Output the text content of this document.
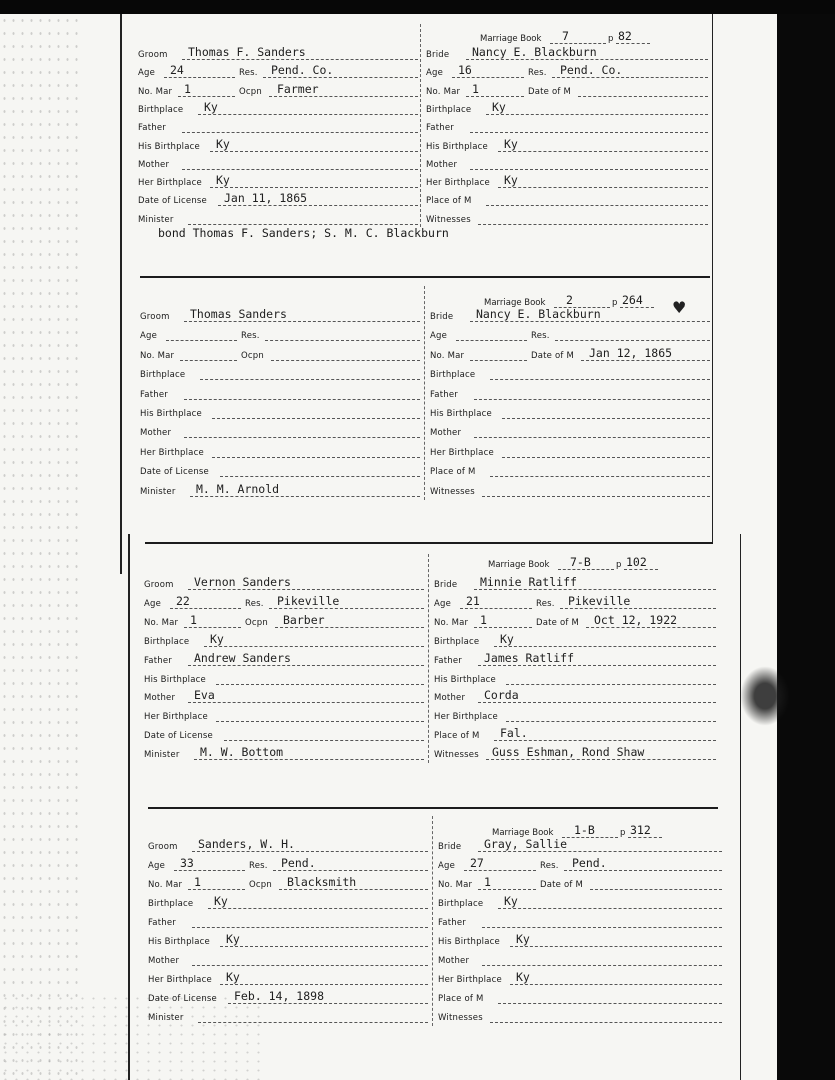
♥
Marriage Book 7	p 82
Groom Thomas F. Sanders
Age 24	Res. Pend. Co.
No. Mar 1	Ocpn Farmer
Birthplace Ky
Father
His Birthplace Ky
Mother
Her Birthplace Ky
Date of License Jan 11, 1865
Minister
Bride Nancy E. Blackburn
Age 16	Res. Pend. Co.
No. Mar 1	Date of M
Birthplace Ky
Father
His Birthplace Ky
Mother
Her Birthplace Ky
Place of M
Witnesses
bond Thomas F. Sanders; S. M. C. Blackburn
Marriage Book 2	p 264
Groom Thomas Sanders
Age	Res.
No. Mar	Ocpn
Birthplace
Father
His Birthplace
Mother
Her Birthplace
Date of License
Minister M. M. Arnold
Bride Nancy E. Blackburn
Age	Res.
No. Mar	Date of M Jan 12, 1865
Birthplace
Father
His Birthplace
Mother
Her Birthplace
Place of M
Witnesses
Marriage Book 7-B	p 102
Groom Vernon Sanders
Age 22	Res. Pikeville
No. Mar 1	Ocpn Barber
Birthplace Ky
Father Andrew Sanders
His Birthplace
Mother Eva
Her Birthplace
Date of License
Minister M. W. Bottom
Bride Minnie Ratliff
Age 21	Res. Pikeville
No. Mar 1	Date of M Oct 12, 1922
Birthplace Ky
Father James Ratliff
His Birthplace
Mother Corda
Her Birthplace
Place of M Fal.
Witnesses Guss Eshman, Rond Shaw
Marriage Book 1-B	p 312
Groom Sanders, W. H.
Age 33	Res. Pend.
No. Mar 1	Ocpn Blacksmith
Birthplace Ky
Father
His Birthplace Ky
Mother
Her Birthplace Ky
Date of License Feb. 14, 1898
Minister
Bride Gray, Sallie
Age 27	Res. Pend.
No. Mar 1	Date of M
Birthplace Ky
Father
His Birthplace Ky
Mother
Her Birthplace Ky
Place of M
Witnesses
